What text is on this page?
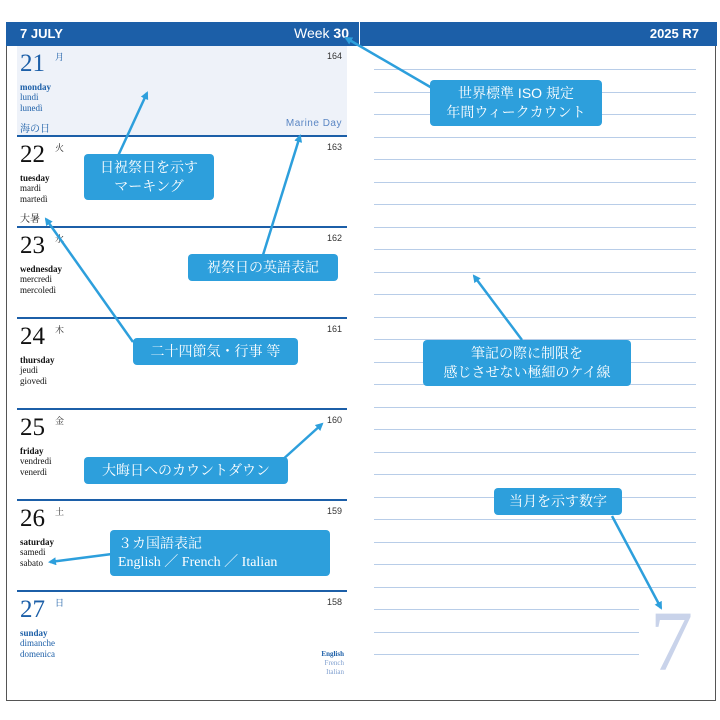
7 JULY	Week 30	2025 R7
21 月	164
monday
lundi
lunedì
海の日
Marine Day
22 火	163
tuesday
mardi
martedì
大暑
23 水	162
wednesday
mercredi
mercoledì
24 木	161
thursday
jeudi
giovedì
25 金	160
friday
vendredi
venerdì
26 土	159
saturday
samedi
sabato
27 日	158
sunday
dimanche
domenica	English
French
Italian	7
世界標準 ISO 規定
年間ウィークカウント
日祝祭日を示す
マーキング
祝祭日の英語表記
二十四節気・行事 等	筆記の際に制限を
感じさせない極細のケイ線
大晦日へのカウントダウン
当月を示す数字
３カ国語表記
English ／ French ／ Italian
